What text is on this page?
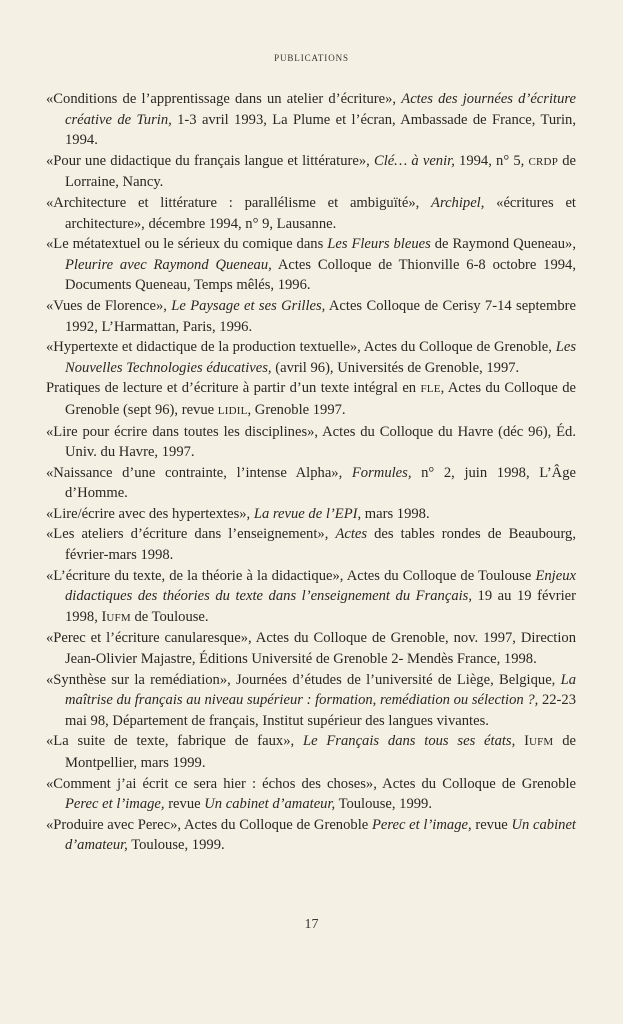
PUBLICATIONS

«Conditions de l’apprentissage dans un atelier d’écriture», Actes des journées d’écriture créative de Turin, 1-3 avril 1993, La Plume et l’écran, Ambassade de France, Turin, 1994.

«Pour une didactique du français langue et littérature», Clé… à venir, 1994, n° 5, CRDP de Lorraine, Nancy.

«Architecture et littérature : parallélisme et ambiguïté», Archipel, «écritures et architecture», décembre 1994, n° 9, Lausanne.

«Le métatextuel ou le sérieux du comique dans Les Fleurs bleues de Raymond Queneau», Pleurire avec Raymond Queneau, Actes Colloque de Thionville 6-8 octobre 1994, Documents Queneau, Temps mêlés, 1996.

«Vues de Florence», Le Paysage et ses Grilles, Actes Colloque de Cerisy 7-14 septembre 1992, L’Harmattan, Paris, 1996.

«Hypertexte et didactique de la production textuelle», Actes du Colloque de Grenoble, Les Nouvelles Technologies éducatives, (avril 96), Universités de Grenoble, 1997.

Pratiques de lecture et d’écriture à partir d’un texte intégral en FLE, Actes du Colloque de Grenoble (sept 96), revue LIDIL, Grenoble 1997.

«Lire pour écrire dans toutes les disciplines», Actes du Colloque du Havre (déc 96), Éd. Univ. du Havre, 1997.

«Naissance d’une contrainte, l’intense Alpha», Formules, n° 2, juin 1998, L’Âge d’Homme.

«Lire/écrire avec des hypertextes», La revue de l’EPI, mars 1998.

«Les ateliers d’écriture dans l’enseignement», Actes des tables rondes de Beaubourg, février-mars 1998.

«L’écriture du texte, de la théorie à la didactique», Actes du Colloque de Toulouse Enjeux didactiques des théories du texte dans l’enseignement du Français, 19 au 19 février 1998, IUFM de Toulouse.

«Perec et l’écriture canularesque», Actes du Colloque de Grenoble, nov. 1997, Direction Jean-Olivier Majastre, Éditions Université de Grenoble 2- Mendès France, 1998.

«Synthèse sur la remédiation», Journées d’études de l’université de Liège, Belgique, La maîtrise du français au niveau supérieur : formation, remédiation ou sélection ?, 22-23 mai 98, Département de français, Institut supérieur des langues vivantes.

«La suite de texte, fabrique de faux», Le Français dans tous ses états, IUFM de Montpellier, mars 1999.

«Comment j’ai écrit ce sera hier : échos des choses», Actes du Colloque de Grenoble Perec et l’image, revue Un cabinet d’amateur, Toulouse, 1999.

«Produire avec Perec», Actes du Colloque de Grenoble Perec et l’image, revue Un cabinet d’amateur, Toulouse, 1999.

17
